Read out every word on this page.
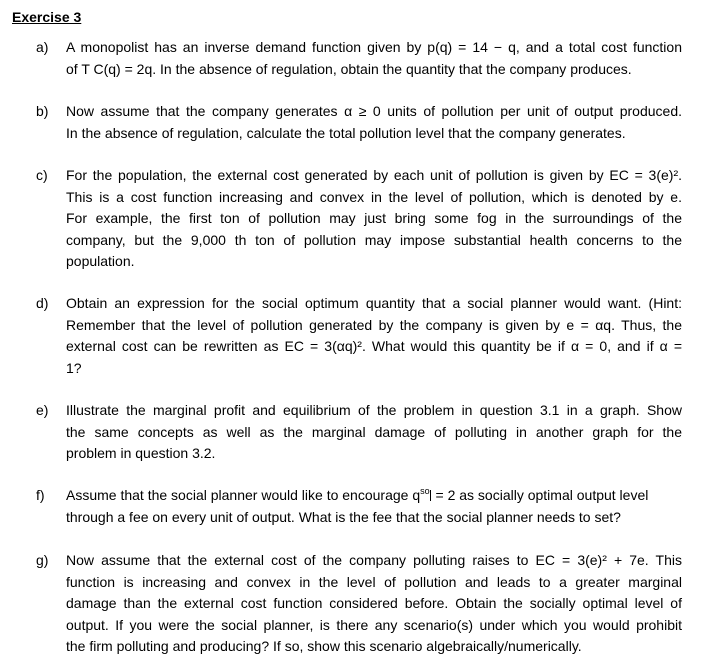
Exercise 3
a)	A monopolist has an inverse demand function given by p(q) = 14 − q, and a total cost function
of T C(q) = 2q. In the absence of regulation, obtain the quantity that the company produces.
b)	Now assume that the company generates α ≥ 0 units of pollution per unit of output produced.
In the absence of regulation, calculate the total pollution level that the company generates.
c)	For the population, the external cost generated by each unit of pollution is given by EC = 3(e)².
This is a cost function increasing and convex in the level of pollution, which is denoted by e.
For example, the first ton of pollution may just bring some fog in the surroundings of the
company, but the 9,000 th ton of pollution may impose substantial health concerns to the
population.
d)	Obtain an expression for the social optimum quantity that a social planner would want. (Hint:
Remember that the level of pollution generated by the company is given by e = αq. Thus, the
external cost can be rewritten as EC = 3(αq)². What would this quantity be if α = 0, and if α =
1?
e)	Illustrate the marginal profit and equilibrium of the problem in question 3.1 in a graph. Show
the same concepts as well as the marginal damage of polluting in another graph for the
problem in question 3.2.
f)	Assume that the social planner would like to encourage qso = 2 as socially optimal output level
through a fee on every unit of output. What is the fee that the social planner needs to set?
g)	Now assume that the external cost of the company polluting raises to EC = 3(e)² + 7e. This
function is increasing and convex in the level of pollution and leads to a greater marginal
damage than the external cost function considered before. Obtain the socially optimal level of
output. If you were the social planner, is there any scenario(s) under which you would prohibit
the firm polluting and producing? If so, show this scenario algebraically/numerically.
